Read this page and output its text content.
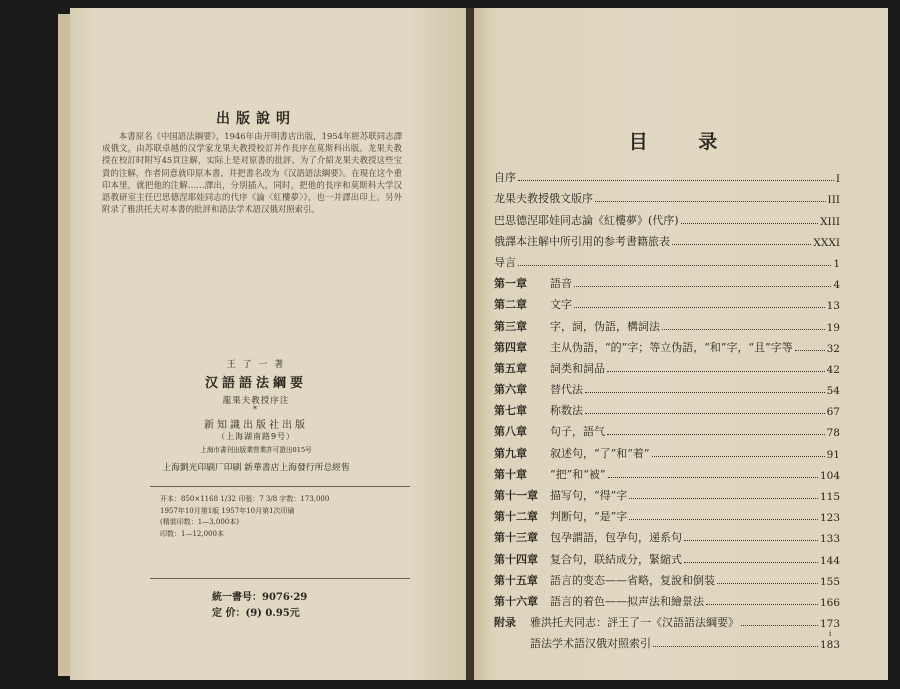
出版說明

本書原名《中国語法綱要》，1946年由开明書店出版，1954年經苏联同志譯成俄文，由苏联卓越的汉学家龙果夫教授校訂并作長序在莫斯科出版。龙果夫教授在校訂时附写45頁注解，实际上是对原書的批評。为了介紹龙果夫教授这些宝貴的注解，作者同意就印原本書，并把書名改为《汉語語法綱要》。在現在这个重印本里，就把他的注解……譯出，分別插入，同时，把他的長序和莫斯科大学汉語教研室主任巴思德涅耶娃同志的代序《論〈紅樓夢〉》，也一并譯出印上。另外附录了雅洪托夫对本書的批評和語法学术語汉俄对照索引。

王 了 一 著
汉語語法綱要
龍果夫教授序注
*
新知識出版社出版
（上海湖南路9号）
上海市書刊出版業營業許可證出015号
上海劉光印刷厂印刷 新華書店上海發行所总經售
开本：850×1168 1/32 印張：7 3/8 字数：173,000
1957年10月第1版 1957年10月第1次印刷
(精裝印数：1—3,000本)
印数：1—12,000本
統一書号：9076·29
定 价：(9) 0.95元
目 录
自序	I
龙果夫教授俄文版序	III
巴思德涅耶娃同志論《紅樓夢》(代序)	XIII
俄譯本注解中所引用的参考書籍旅表	XXXI
导言	1
第一章	語音	4
第二章	文字	13
第三章	字，詞，伪語，構詞法	19
第四章	主从伪語，“的”字；等立伪語，“和”字，“且”字等	32
第五章	詞类和詞品	42
第六章	替代法	54
第七章	称数法	67
第八章	句子，語气	78
第九章	叙述句，“了”和“着”	91
第十章	“把”和“被”	104
第十一章	描写句，“得”字	115
第十二章	判断句，“是”字	123
第十三章	包孕謂語，包孕句，递系句	133
第十四章	复合句，联結成分，緊縮式	144
第十五章	語言的变态——省略，复說和倒装	155
第十六章	語言的着色——拟声法和繪景法	166
附录	雅洪托夫同志：評王了一《汉語語法綱要》	173
語法学术語汉俄对照索引	183
i
